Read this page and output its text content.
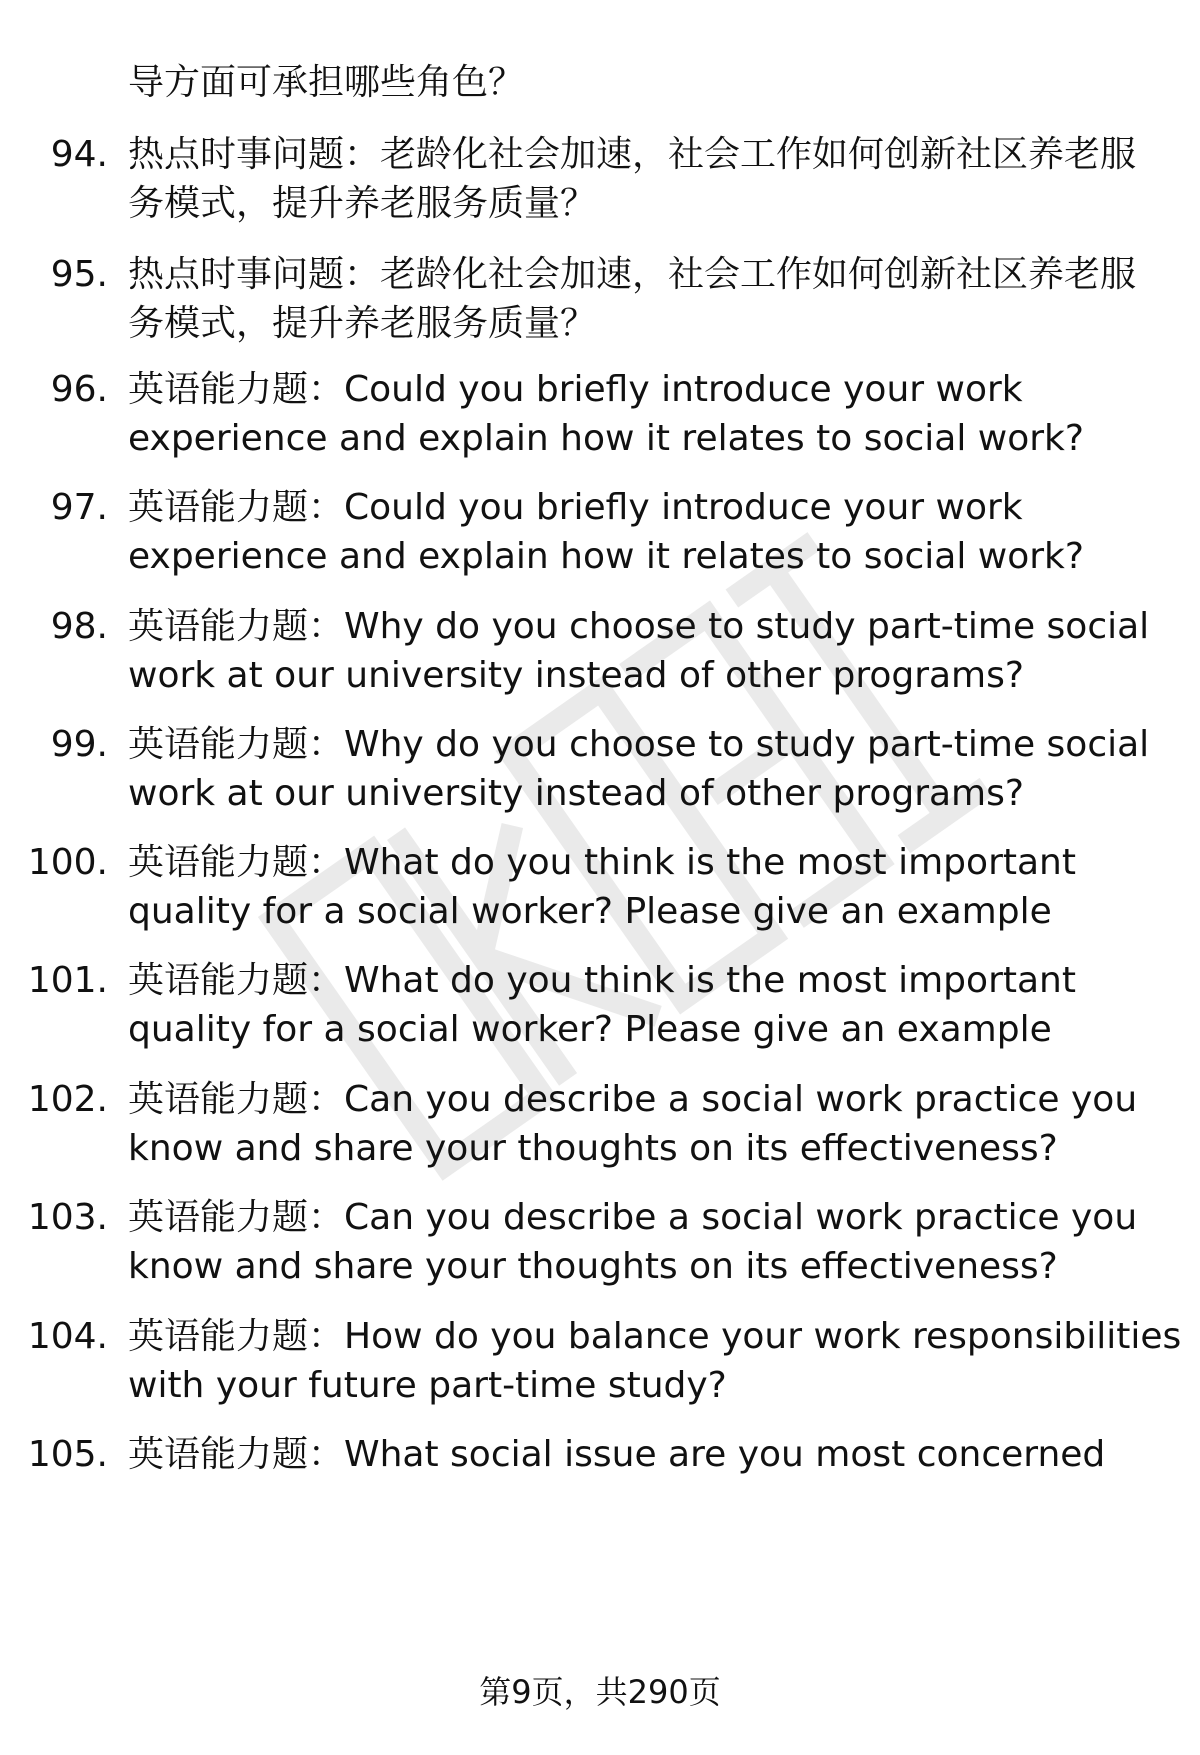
导方面可承担哪些角色？
94. 热点时事问题：老龄化社会加速，社会工作如何创新社区养老服
务模式，提升养老服务质量？
95. 热点时事问题：老龄化社会加速，社会工作如何创新社区养老服
务模式，提升养老服务质量？
96. 英语能力题：Could you briefly introduce your work
experience and explain how it relates to social work?
97. 英语能力题：Could you briefly introduce your work
experience and explain how it relates to social work?
98. 英语能力题：Why do you choose to study part-time social
work at our university instead of other programs?
99. 英语能力题：Why do you choose to study part-time social
work at our university instead of other programs?
100. 英语能力题：What do you think is the most important
quality for a social worker? Please give an example
101. 英语能力题：What do you think is the most important
quality for a social worker? Please give an example
102. 英语能力题：Can you describe a social work practice you
know and share your thoughts on its effectiveness?
103. 英语能力题：Can you describe a social work practice you
know and share your thoughts on its effectiveness?
104. 英语能力题：How do you balance your work responsibilities
with your future part-time study?
105. 英语能力题：What social issue are you most concerned
第9页，共290页
